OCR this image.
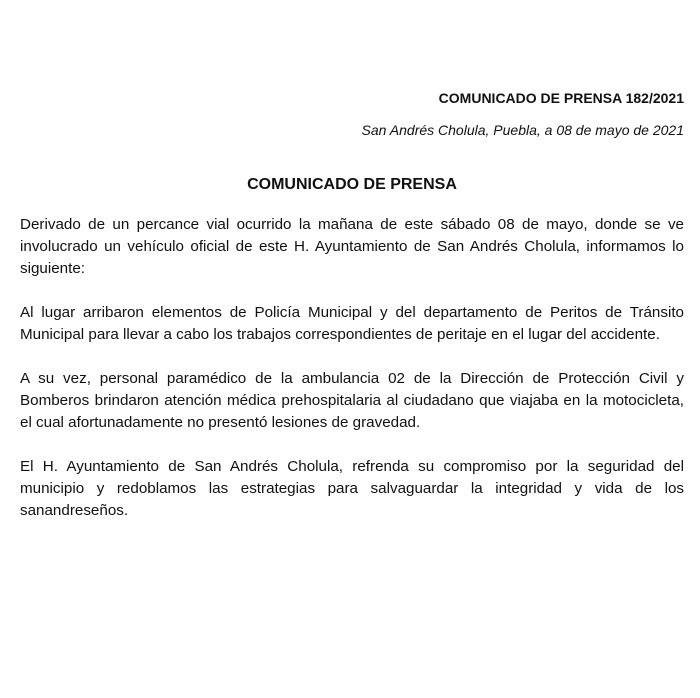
COMUNICADO DE PRENSA 182/2021
San Andrés Cholula, Puebla, a 08 de mayo de 2021
COMUNICADO DE PRENSA

Derivado de un percance vial ocurrido la mañana de este sábado 08 de mayo, donde se ve involucrado un vehículo oficial de este H. Ayuntamiento de San Andrés Cholula, informamos lo siguiente:

Al lugar arribaron elementos de Policía Municipal y del departamento de Peritos de Tránsito Municipal para llevar a cabo los trabajos correspondientes de peritaje en el lugar del accidente.

A su vez, personal paramédico de la ambulancia 02 de la Dirección de Protección Civil y Bomberos brindaron atención médica prehospitalaria al ciudadano que viajaba en la motocicleta, el cual afortunadamente no presentó lesiones de gravedad.

El H. Ayuntamiento de San Andrés Cholula, refrenda su compromiso por la seguridad del municipio y redoblamos las estrategias para salvaguardar la integridad y vida de los sanandreseños.
